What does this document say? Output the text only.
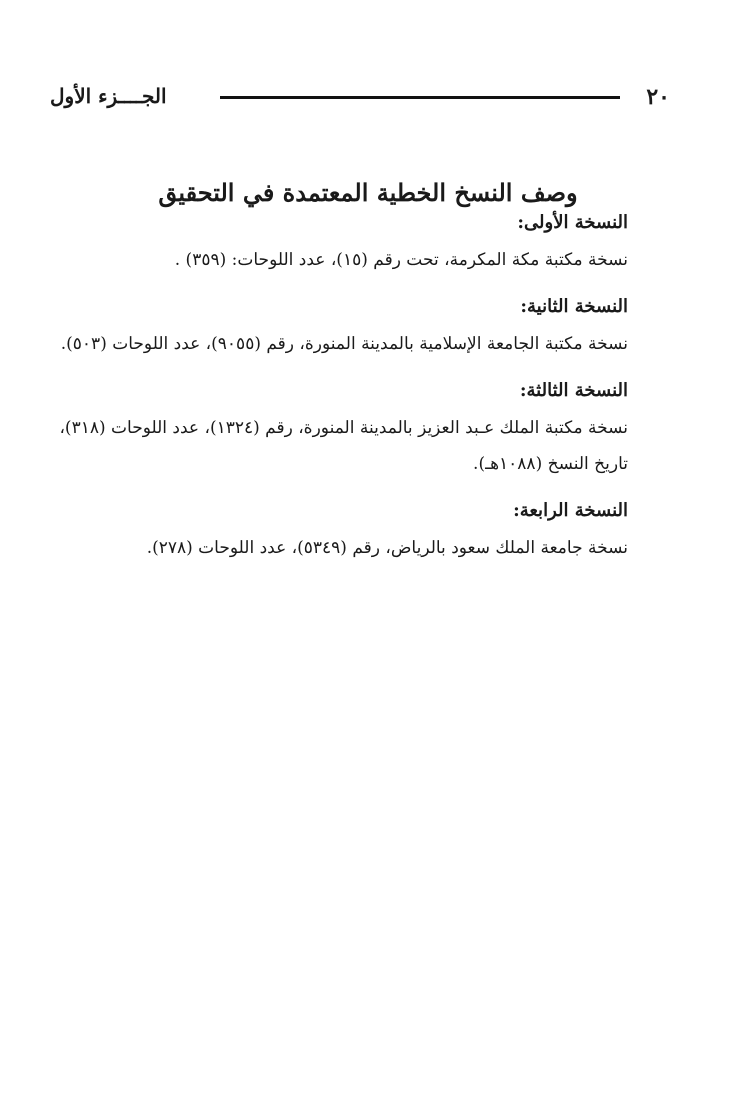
٢٠
الجــــزء الأول
وصف النسخ الخطية المعتمدة في التحقيق

النسخة الأولى:

نسخة مكتبة مكة المكرمة، تحت رقم (١٥)، عدد اللوحات: (٣٥٩) .

النسخة الثانية:

نسخة مكتبة الجامعة الإسلامية بالمدينة المنورة، رقم (٩٠٥٥)، عدد اللوحات (٥٠٣).

النسخة الثالثة:

نسخة مكتبة الملك عـبد العزيز بالمدينة المنورة، رقم (١٣٢٤)، عدد اللوحات (٣١٨)،
تاريخ النسخ (١٠٨٨هـ).

النسخة الرابعة:

نسخة جامعة الملك سعود بالرياض، رقم (٥٣٤٩)، عدد اللوحات (٢٧٨).
